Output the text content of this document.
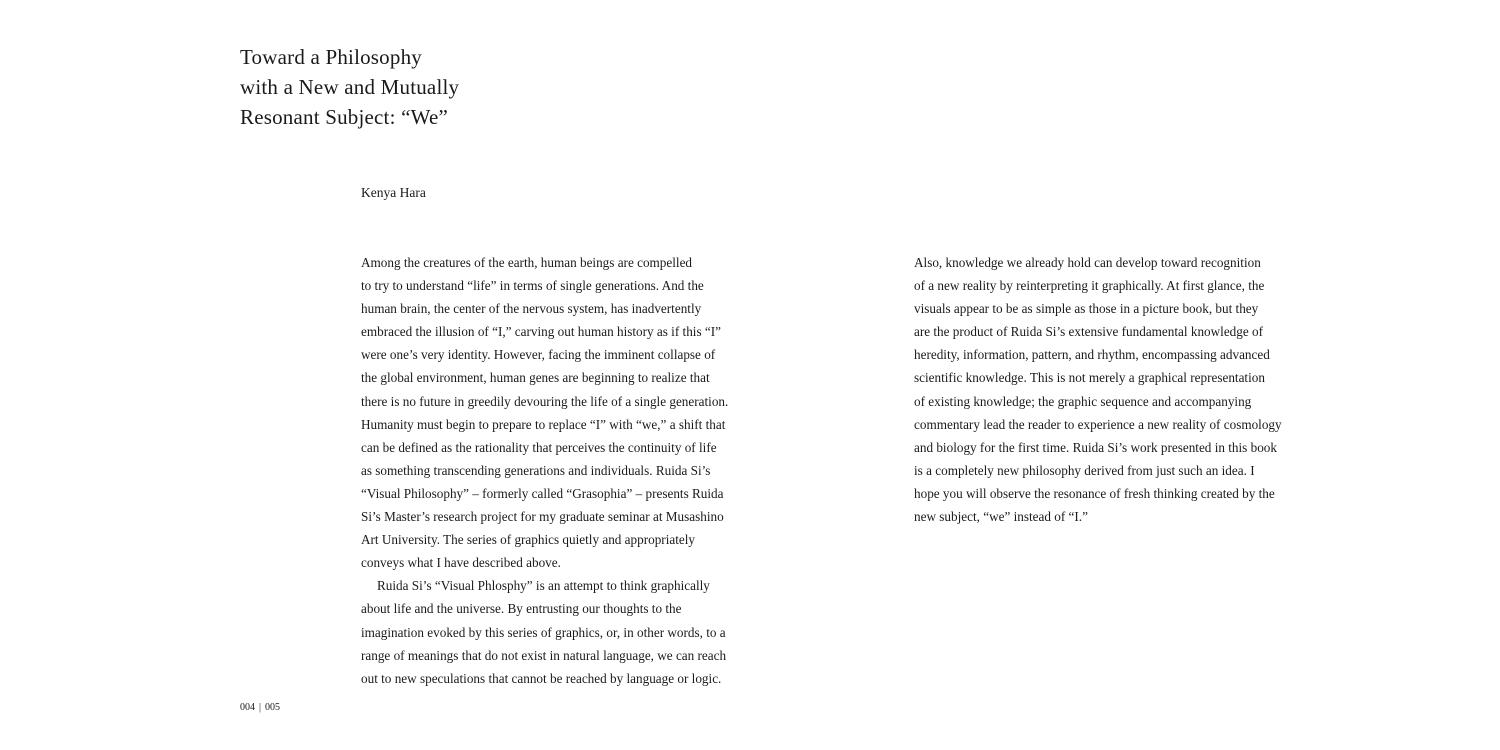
Toward a Philosophy
with a New and Mutually
Resonant Subject: “We”

Kenya Hara

Among the creatures of the earth, human beings are compelled
to try to understand “life” in terms of single generations. And the
human brain, the center of the nervous system, has inadvertently
embraced the illusion of “I,” carving out human history as if this “I”
were one’s very identity. However, facing the imminent collapse of
the global environment, human genes are beginning to realize that
there is no future in greedily devouring the life of a single generation.
Humanity must begin to prepare to replace “I” with “we,” a shift that
can be defined as the rationality that perceives the continuity of life
as something transcending generations and individuals. Ruida Si’s
“Visual Philosophy” – formerly called “Grasophia” – presents Ruida
Si’s Master’s research project for my graduate seminar at Musashino
Art University. The series of graphics quietly and appropriately
conveys what I have described above.
Ruida Si’s “Visual Phlosphy” is an attempt to think graphically
about life and the universe. By entrusting our thoughts to the
imagination evoked by this series of graphics, or, in other words, to a
range of meanings that do not exist in natural language, we can reach
out to new speculations that cannot be reached by language or logic.
Also, knowledge we already hold can develop toward recognition
of a new reality by reinterpreting it graphically. At first glance, the
visuals appear to be as simple as those in a picture book, but they
are the product of Ruida Si’s extensive fundamental knowledge of
heredity, information, pattern, and rhythm, encompassing advanced
scientific knowledge. This is not merely a graphical representation
of existing knowledge; the graphic sequence and accompanying
commentary lead the reader to experience a new reality of cosmology
and biology for the first time. Ruida Si’s work presented in this book
is a completely new philosophy derived from just such an idea. I
hope you will observe the resonance of fresh thinking created by the
new subject, “we” instead of “I.”
004 | 005
